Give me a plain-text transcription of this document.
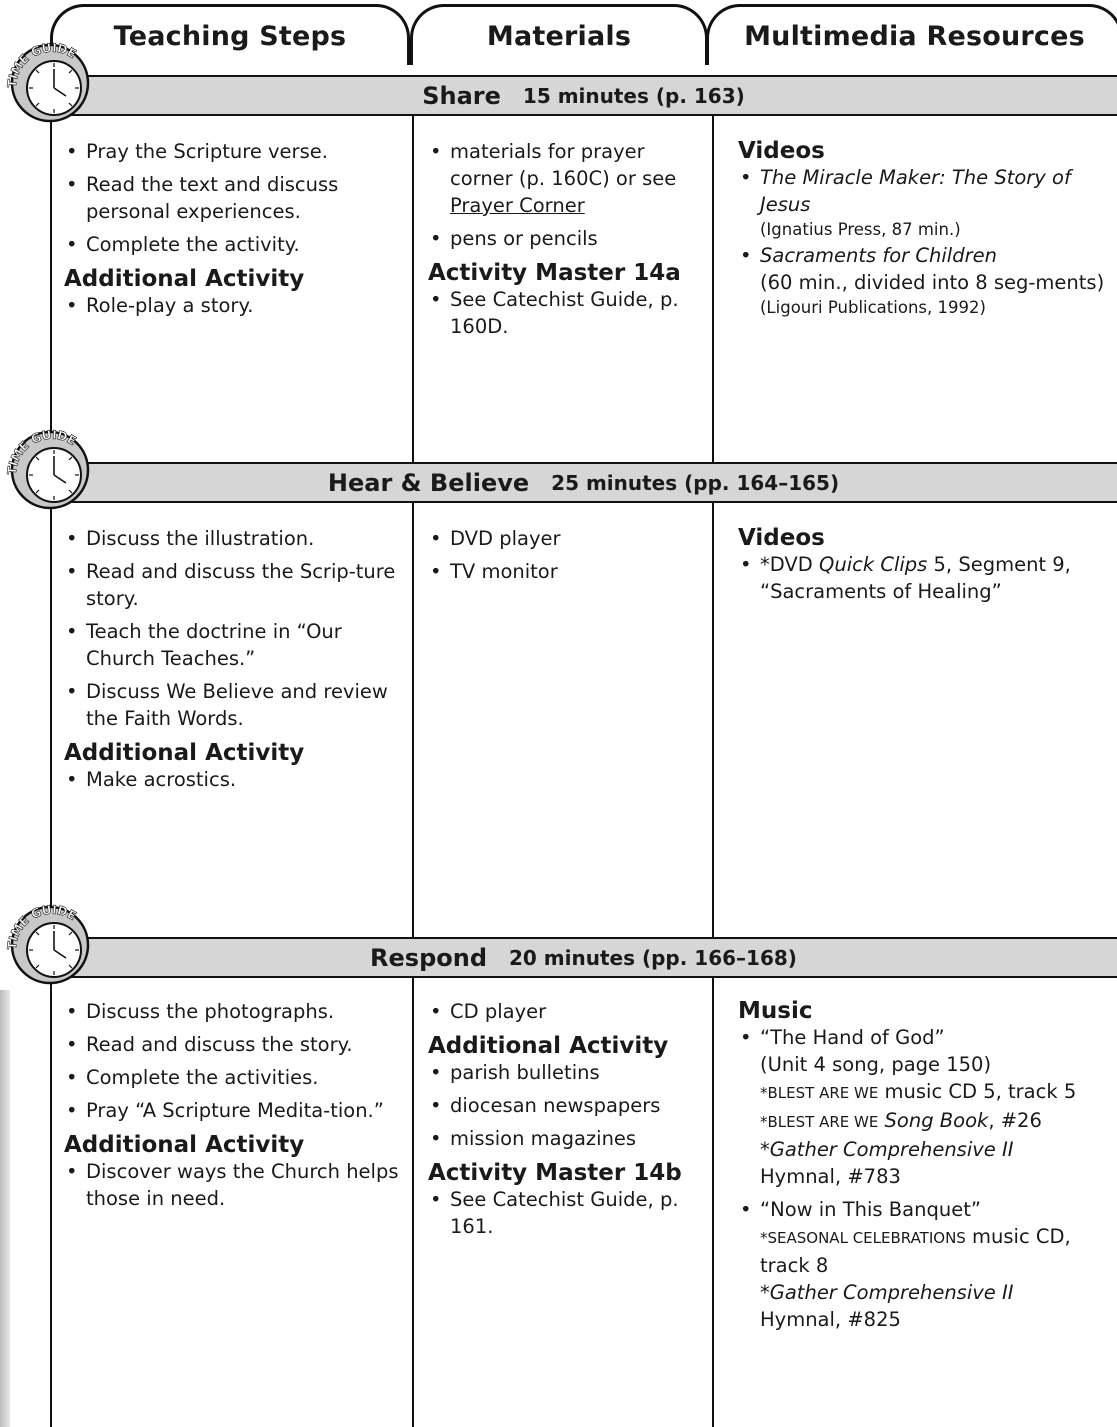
Teaching Steps	Materials	Multimedia Resources
Share 15 minutes (p. 163)
TIME GUIDE
• Pray the Scripture verse.
• Read the text and discuss personal experiences.
• Complete the activity.
Additional Activity
• Role-play a story.
• materials for prayer corner (p. 160C) or see Prayer Corner
• pens or pencils
Activity Master 14a
• See Catechist Guide, p. 160D.
Videos
• The Miracle Maker: The Story of Jesus
(Ignatius Press, 87 min.)
• Sacraments for Children
(60 min., divided into 8 seg-ments)
(Ligouri Publications, 1992)
Hear & Believe 25 minutes (pp. 164–165)
TIME GUIDE
• Discuss the illustration.
• Read and discuss the Scrip-ture story.
• Teach the doctrine in “Our Church Teaches.”
• Discuss We Believe and review the Faith Words.
Additional Activity
• Make acrostics.
• DVD player
• TV monitor
Videos
• *DVD Quick Clips 5, Segment 9, “Sacraments of Healing”
Respond 20 minutes (pp. 166–168)
TIME GUIDE
• Discuss the photographs.
• Read and discuss the story.
• Complete the activities.
• Pray “A Scripture Medita-tion.”
Additional Activity
• Discover ways the Church helps those in need.
• CD player
Additional Activity
• parish bulletins
• diocesan newspapers
• mission magazines
Activity Master 14b
• See Catechist Guide, p. 161.
Music
• “The Hand of God”
(Unit 4 song, page 150)
*BLEST ARE WE music CD 5, track 5
*BLEST ARE WE Song Book, #26
*Gather Comprehensive II
Hymnal, #783
• “Now in This Banquet”
*SEASONAL CELEBRATIONS music CD, track 8
*Gather Comprehensive II
Hymnal, #825
